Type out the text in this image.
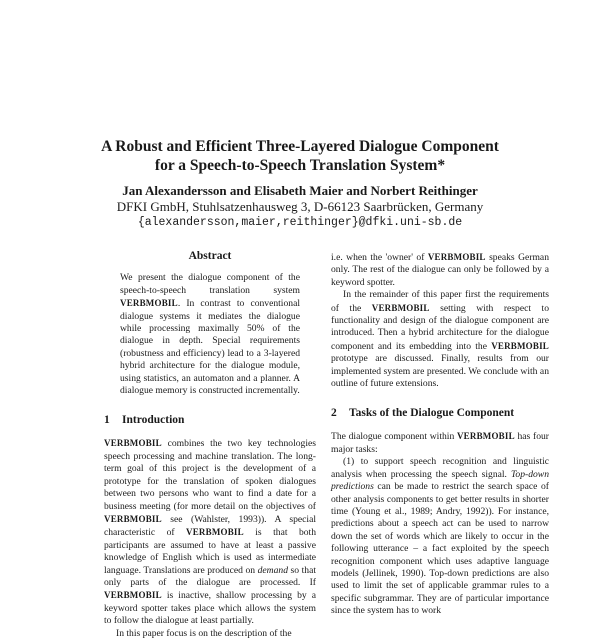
A Robust and Efficient Three-Layered Dialogue Component
for a Speech-to-Speech Translation System*
Jan Alexandersson and Elisabeth Maier and Norbert Reithinger
DFKI GmbH, Stuhlsatzenhausweg 3, D-66123 Saarbrücken, Germany
{alexandersson,maier,reithinger}@dfki.uni-sb.de
Abstract

We present the dialogue component of the speech-to-speech translation system VERBMOBIL. In contrast to conventional dialogue systems it mediates the dialogue while processing maximally 50% of the dialogue in depth. Special requirements (robustness and efficiency) lead to a 3-layered hybrid architecture for the dialogue module, using statistics, an automaton and a planner. A dialogue memory is constructed incrementally.

1	Introduction

VERBMOBIL combines the two key technologies speech processing and machine translation. The long-term goal of this project is the development of a prototype for the translation of spoken dialogues between two persons who want to find a date for a business meeting (for more detail on the objectives of VERBMOBIL see (Wahlster, 1993)). A special characteristic of VERBMOBIL is that both participants are assumed to have at least a passive knowledge of English which is used as intermediate language. Translations are produced on demand so that only parts of the dialogue are processed. If VERBMOBIL is inactive, shallow processing by a keyword spotter takes place which allows the system to follow the dialogue at least partially.

In this paper focus is on the description of the

i.e. when the 'owner' of VERBMOBIL speaks German only. The rest of the dialogue can only be followed by a keyword spotter.

In the remainder of this paper first the requirements of the VERBMOBIL setting with respect to functionality and design of the dialogue component are introduced. Then a hybrid architecture for the dialogue component and its embedding into the VERBMOBIL prototype are discussed. Finally, results from our implemented system are presented. We conclude with an outline of future extensions.

2	Tasks of the Dialogue Component

The dialogue component within VERBMOBIL has four major tasks:

(1) to support speech recognition and linguistic analysis when processing the speech signal. Top-down predictions can be made to restrict the search space of other analysis components to get better results in shorter time (Young et al., 1989; Andry, 1992)). For instance, predictions about a speech act can be used to narrow down the set of words which are likely to occur in the following utterance – a fact exploited by the speech recognition component which uses adaptive language models (Jellinek, 1990). Top-down predictions are also used to limit the set of applicable grammar rules to a specific subgrammar. They are of particular importance since the system has to work
